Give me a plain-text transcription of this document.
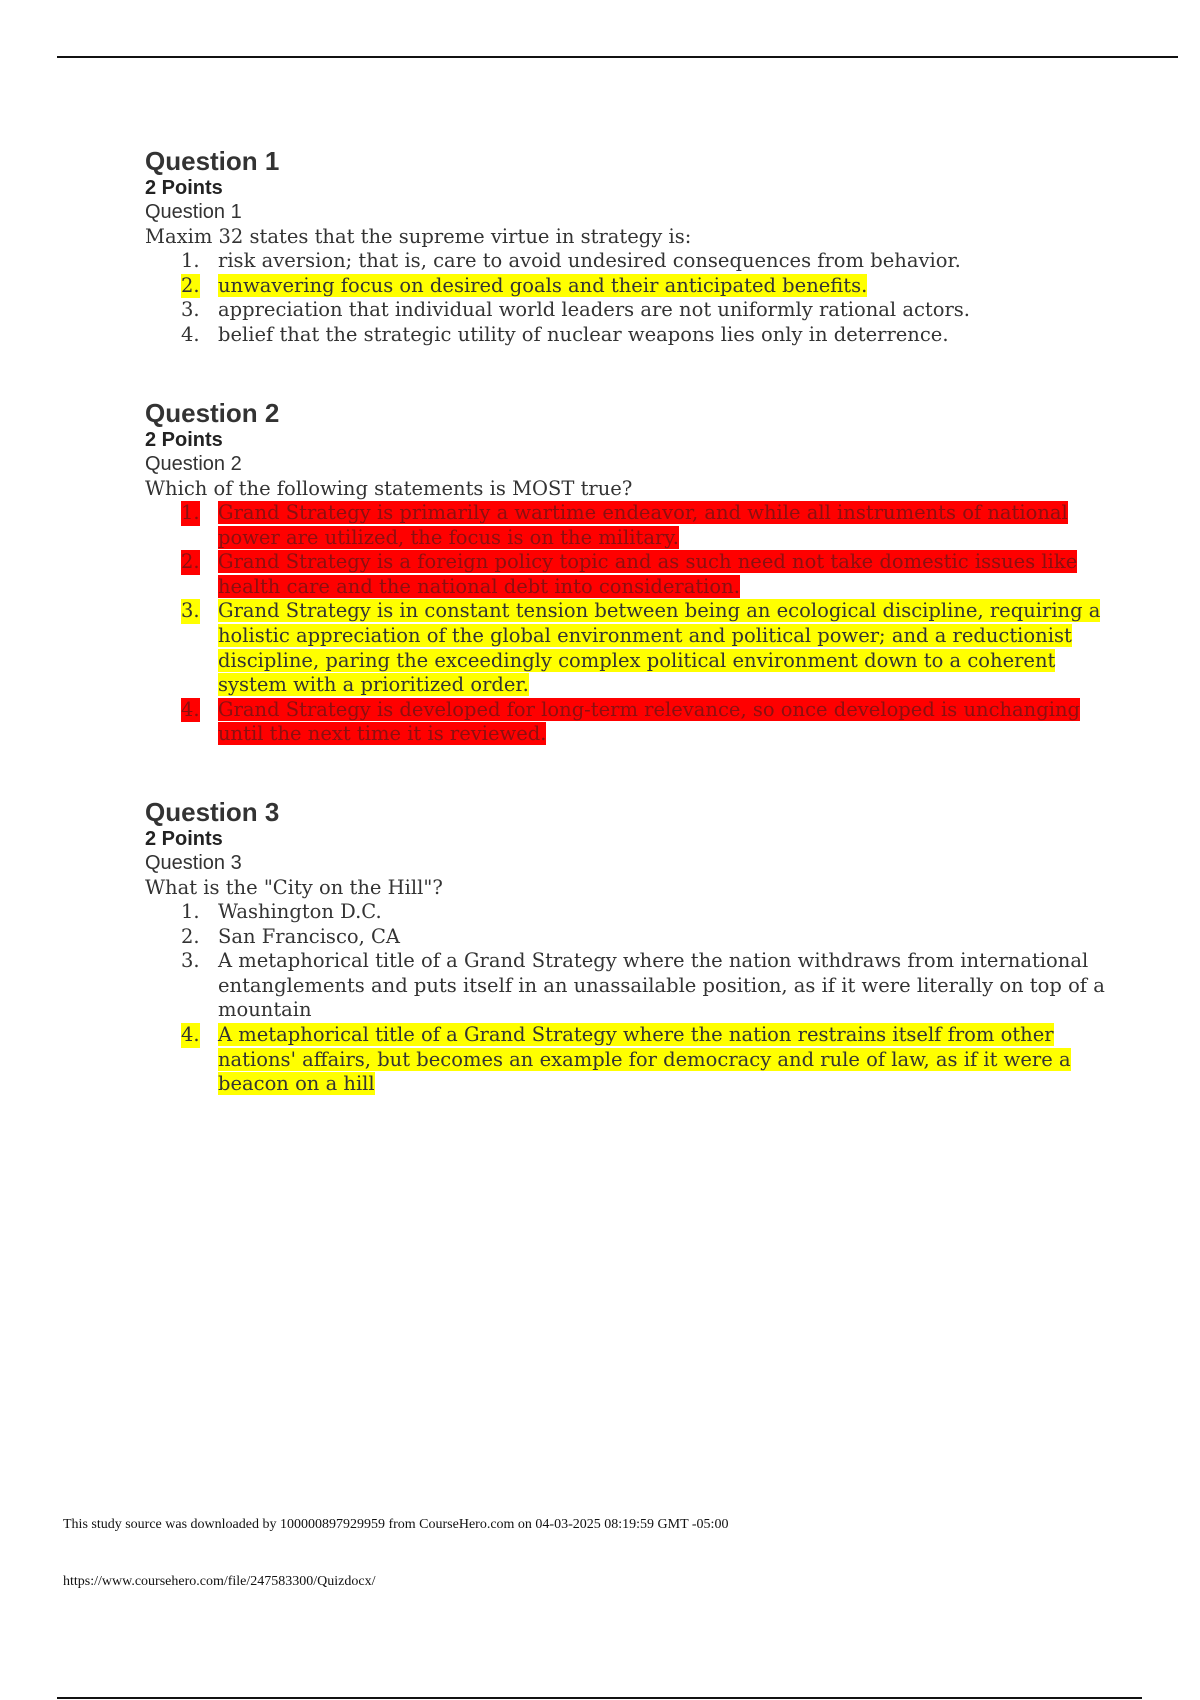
Question 1
2 Points
Question 1
Maxim 32 states that the supreme virtue in strategy is:
1. risk aversion; that is, care to avoid undesired consequences from behavior.
2. unwavering focus on desired goals and their anticipated benefits.
3. appreciation that individual world leaders are not uniformly rational actors.
4. belief that the strategic utility of nuclear weapons lies only in deterrence.
Question 2
2 Points
Question 2
Which of the following statements is MOST true?
1. Grand Strategy is primarily a wartime endeavor, and while all instruments of national power are utilized, the focus is on the military.
2. Grand Strategy is a foreign policy topic and as such need not take domestic issues like health care and the national debt into consideration.
3. Grand Strategy is in constant tension between being an ecological discipline, requiring a holistic appreciation of the global environment and political power; and a reductionist discipline, paring the exceedingly complex political environment down to a coherent system with a prioritized order.
4. Grand Strategy is developed for long-term relevance, so once developed is unchanging until the next time it is reviewed.
Question 3
2 Points
Question 3
What is the "City on the Hill"?
1. Washington D.C.
2. San Francisco, CA
3. A metaphorical title of a Grand Strategy where the nation withdraws from international entanglements and puts itself in an unassailable position, as if it were literally on top of a mountain
4. A metaphorical title of a Grand Strategy where the nation restrains itself from other nations' affairs, but becomes an example for democracy and rule of law, as if it were a beacon on a hill
This study source was downloaded by 100000897929959 from CourseHero.com on 04-03-2025 08:19:59 GMT -05:00
https://www.coursehero.com/file/247583300/Quizdocx/
